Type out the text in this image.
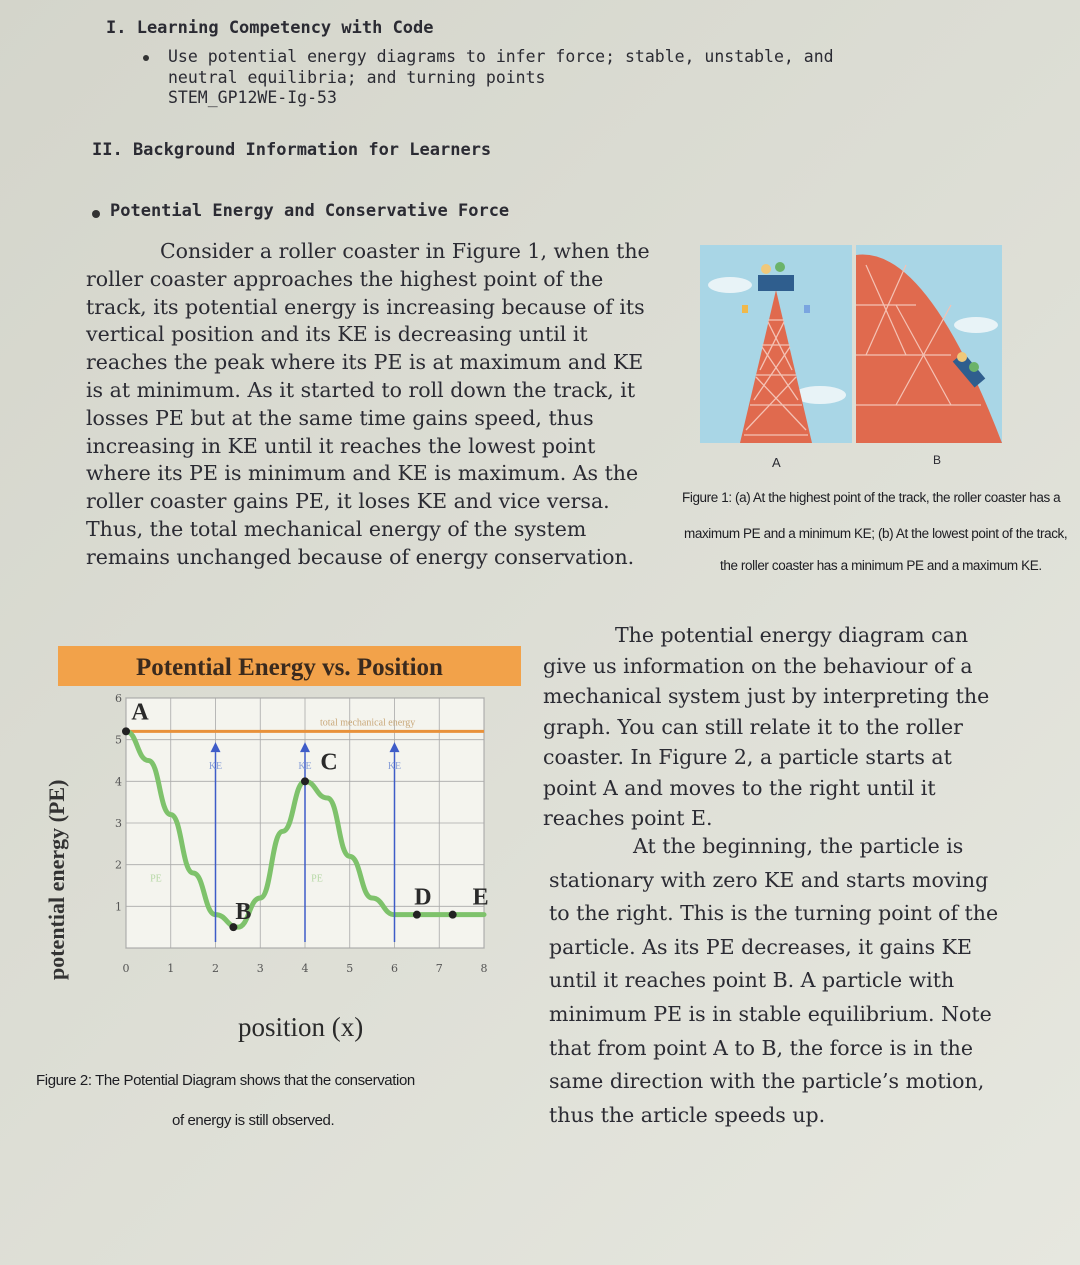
I. Learning Competency with Code
Use potential energy diagrams to infer force; stable, unstable, and
neutral equilibria; and turning points
STEM_GP12WE-Ig-53
II. Background Information for Learners
Potential Energy and Conservative Force
Consider a roller coaster in Figure 1, when the
roller coaster approaches the highest point of the
track, its potential energy is increasing because of its
vertical position and its KE is decreasing until it
reaches the peak where its PE is at maximum and KE
is at minimum. As it started to roll down the track, it
losses PE but at the same time gains speed, thus
increasing in KE until it reaches the lowest point
where its PE is minimum and KE is maximum. As the
roller coaster gains PE, it loses KE and vice versa.
Thus, the total mechanical energy of the system
remains unchanged because of energy conservation.
A	B
Figure 1: (a) At the highest point of the track, the roller coaster has a
maximum PE and a minimum KE; (b) At the lowest point of the track,
the roller coaster has a minimum PE and a maximum KE.
Potential Energy vs. Position
potential energy (PE)	0	1	2	3	4	5	6	7	8
1
2
3
4
5
6
total mechanical energy
KE	KE	KE
PE	PE
A
B
C
D E
position (x)
Figure 2: The Potential Diagram shows that the conservation
of energy is still observed.
The potential energy diagram can
give us information on the behaviour of a
mechanical system just by interpreting the
graph. You can still relate it to the roller
coaster. In Figure 2, a particle starts at
point A and moves to the right until it
reaches point E.
At the beginning, the particle is
stationary with zero KE and starts moving
to the right. This is the turning point of the
particle. As its PE decreases, it gains KE
until it reaches point B. A particle with
minimum PE is in stable equilibrium. Note
that from point A to B, the force is in the
same direction with the particle’s motion,
thus the article speeds up.
